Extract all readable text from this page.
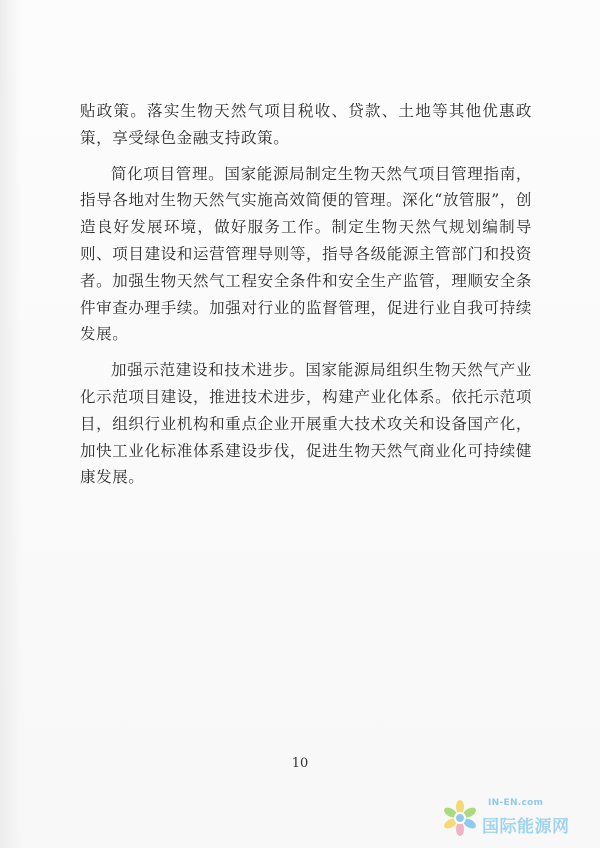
贴政策。落实生物天然气项目税收、贷款、土地等其他优惠政策，享受绿色金融支持政策。

简化项目管理。国家能源局制定生物天然气项目管理指南，指导各地对生物天然气实施高效简便的管理。深化“放管服”，创造良好发展环境，做好服务工作。制定生物天然气规划编制导则、项目建设和运营管理导则等，指导各级能源主管部门和投资者。加强生物天然气工程安全条件和安全生产监管，理顺安全条件审查办理手续。加强对行业的监督管理，促进行业自我可持续发展。

加强示范建设和技术进步。国家能源局组织生物天然气产业化示范项目建设，推进技术进步，构建产业化体系。依托示范项目，组织行业机构和重点企业开展重大技术攻关和设备国产化，加快工业化标准体系建设步伐，促进生物天然气商业化可持续健康发展。

10
IN-EN.com
国际能源网
